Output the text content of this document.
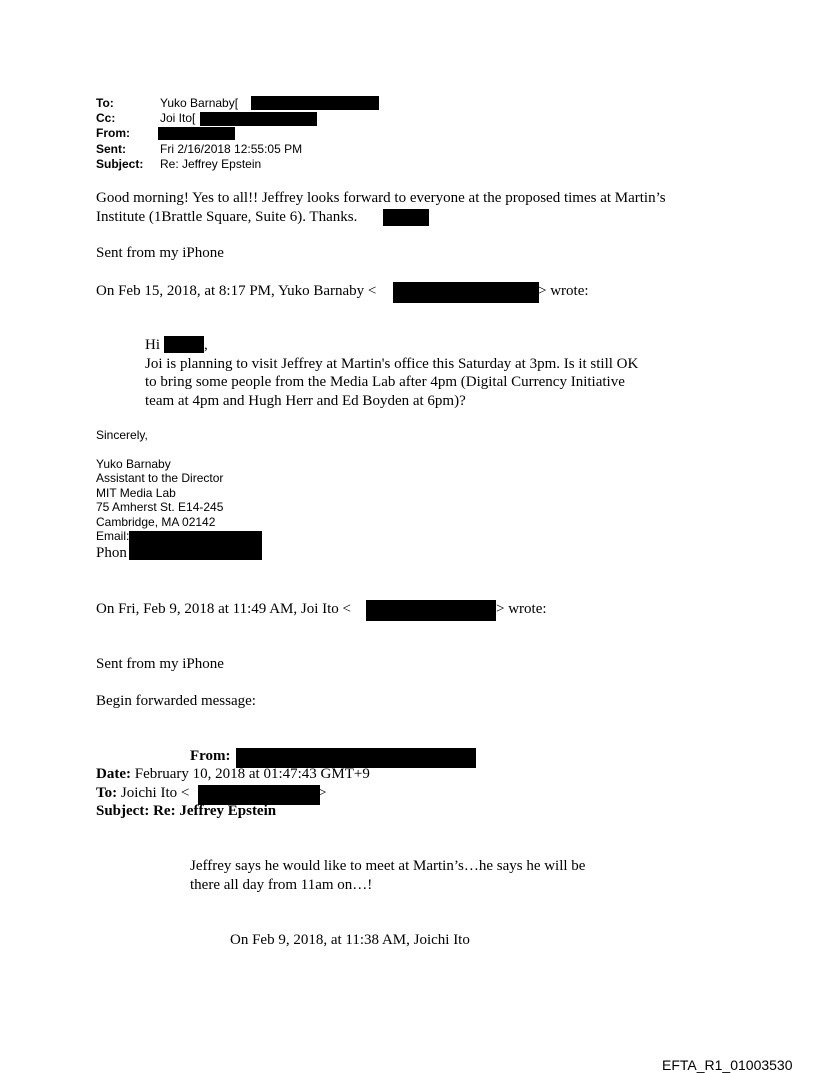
To:	Yuko Barnaby[
Cc:	Joi Ito[
From:
Sent:	Fri 2/16/2018 12:55:05 PM
Subject: Re: Jeffrey Epstein
Good morning! Yes to all!! Jeffrey looks forward to everyone at the proposed times at Martin’s
Institute (1Brattle Square, Suite 6). Thanks.
Sent from my iPhone
On Feb 15, 2018, at 8:17 PM, Yuko Barnaby <	> wrote:
Hi	,
Joi is planning to visit Jeffrey at Martin's office this Saturday at 3pm. Is it still OK
to bring some people from the Media Lab after 4pm (Digital Currency Initiative
team at 4pm and Hugh Herr and Ed Boyden at 6pm)?
Sincerely,
Yuko Barnaby
Assistant to the Director
MIT Media Lab
75 Amherst St. E14-245
Cambridge, MA 02142
Email:
Phon
On Fri, Feb 9, 2018 at 11:49 AM, Joi Ito <	> wrote:
Sent from my iPhone
Begin forwarded message:
From:
Date: February 10, 2018 at 01:47:43 GMT+9
To: Joichi Ito <	>
Subject: Re: Jeffrey Epstein
Jeffrey says he would like to meet at Martin’s…he says he will be
there all day from 11am on…!
On Feb 9, 2018, at 11:38 AM, Joichi Ito
EFTA_R1_01003530
